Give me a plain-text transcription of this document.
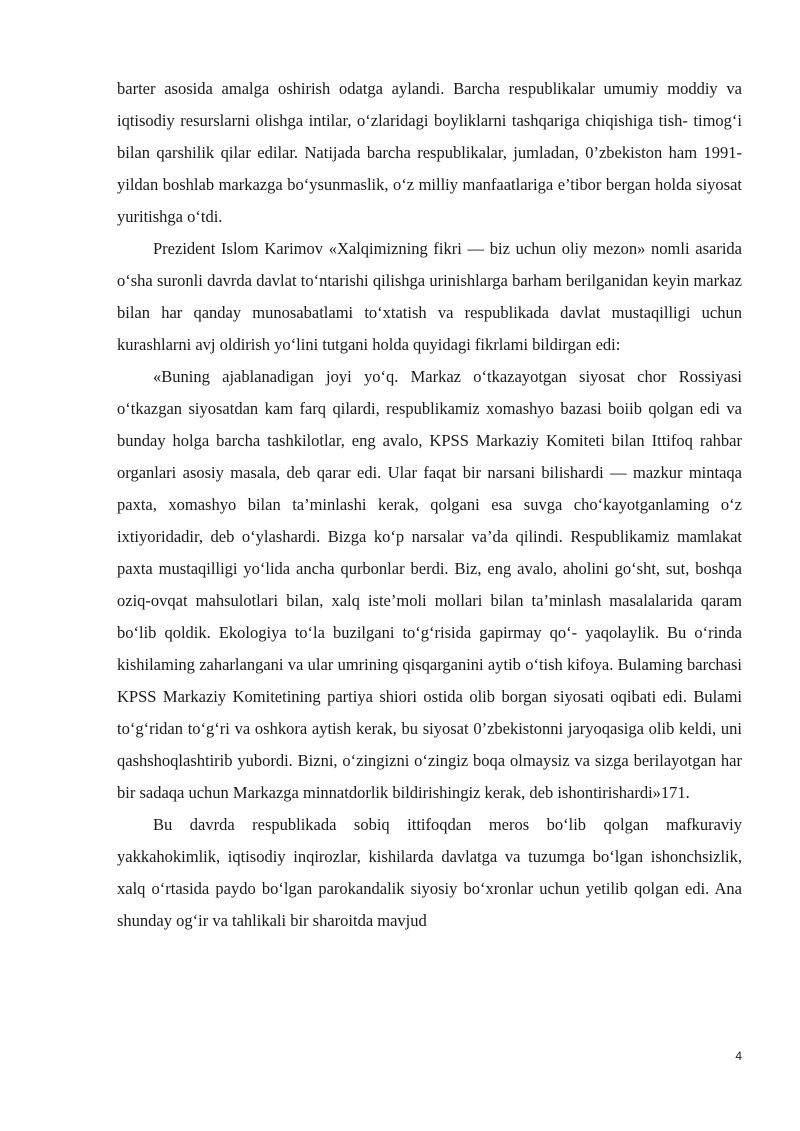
barter asosida amalga oshirish odatga aylandi. Barcha respublikalar umumiy moddiy va iqtisodiy resurslarni olishga intilar, o‘zlaridagi boyliklarni tashqariga chiqishiga tish- timog‘i bilan qarshilik qilar edilar. Natijada barcha respublikalar, jumladan, 0’zbekiston ham 1991-yildan boshlab markazga bo‘ysunmaslik, o‘z milliy manfaatlariga e’tibor bergan holda siyosat yuritishga o‘tdi.

Prezident Islom Karimov «Xalqimizning fikri — biz uchun oliy mezon» nomli asarida o‘sha suronli davrda davlat to‘ntarishi qilishga urinishlarga barham berilganidan keyin markaz bilan har qanday munosabatlami to‘xtatish va respublikada davlat mustaqilligi uchun kurashlarni avj oldirish yo‘lini tutgani holda quyidagi fikrlami bildirgan edi:

«Buning ajablanadigan joyi yo‘q. Markaz o‘tkazayotgan siyosat chor Rossiyasi o‘tkazgan siyosatdan kam farq qilardi, respublikamiz xomashyo bazasi boiib qolgan edi va bunday holga barcha tashkilotlar, eng avalo, KPSS Markaziy Komiteti bilan Ittifoq rahbar organlari asosiy masala, deb qarar edi. Ular faqat bir narsani bilishardi — mazkur mintaqa paxta, xomashyo bilan ta’minlashi kerak, qolgani esa suvga cho‘kayotganlaming o‘z ixtiyoridadir, deb o‘ylashardi. Bizga ko‘p narsalar va’da qilindi. Respublikamiz mamlakat paxta mustaqilligi yo‘lida ancha qurbonlar berdi. Biz, eng avalo, aholini go‘sht, sut, boshqa oziq-ovqat mahsulotlari bilan, xalq iste’moli mollari bilan ta’minlash masalalarida qaram bo‘lib qoldik. Ekologiya to‘la buzilgani to‘g‘risida gapirmay qo‘- yaqolaylik. Bu o‘rinda kishilaming zaharlangani va ular umrining qisqarganini aytib o‘tish kifoya. Bulaming barchasi KPSS Markaziy Komitetining partiya shiori ostida olib borgan siyosati oqibati edi. Bulami to‘g‘ridan to‘g‘ri va oshkora aytish kerak, bu siyosat 0’zbekistonni jaryoqasiga olib keldi, uni qashshoqlashtirib yubordi. Bizni, o‘zingizni o‘zingiz boqa olmaysiz va sizga berilayotgan har bir sadaqa uchun Markazga minnatdorlik bildirishingiz kerak, deb ishontirishardi»171.

Bu davrda respublikada sobiq ittifoqdan meros bo‘lib qolgan mafkuraviy yakkahokimlik, iqtisodiy inqirozlar, kishilarda davlatga va tuzumga bo‘lgan ishonchsizlik, xalq o‘rtasida paydo bo‘lgan parokandalik siyosiy bo‘xronlar uchun yetilib qolgan edi. Ana shunday og‘ir va tahlikali bir sharoitda mavjud

4
